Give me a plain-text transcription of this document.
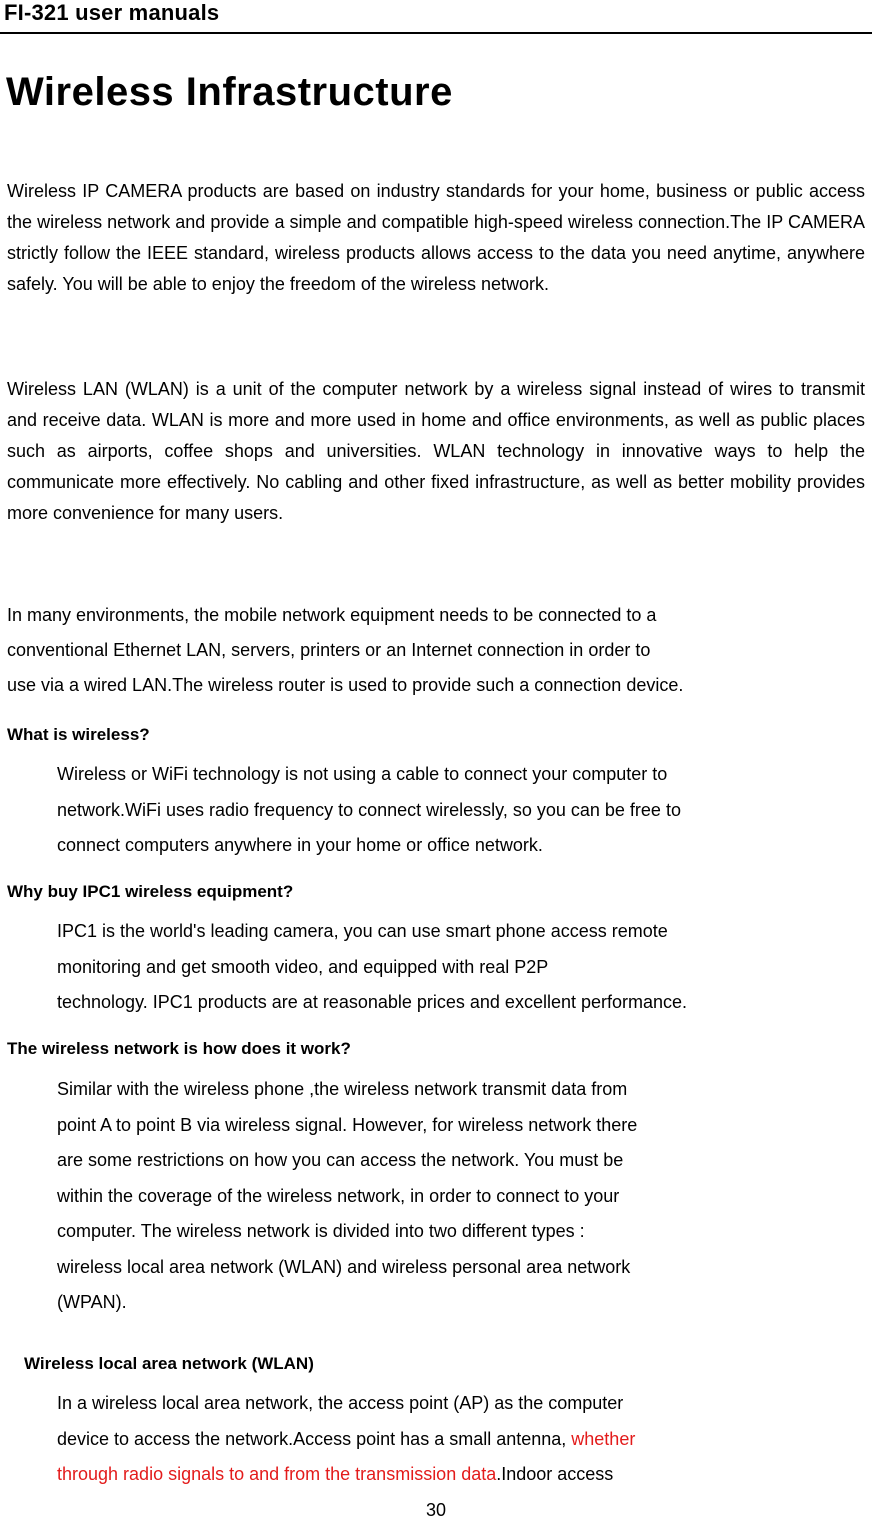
FI-321 user manuals
Wireless Infrastructure

Wireless IP CAMERA products are based on industry standards for your home, business or public access the wireless network and provide a simple and compatible high-speed wireless connection.The IP CAMERA strictly follow the IEEE standard, wireless products allows access to the data you need anytime, anywhere safely. You will be able to enjoy the freedom of the wireless network.

Wireless LAN (WLAN) is a unit of the computer network by a wireless signal instead of wires to transmit and receive data. WLAN is more and more used in home and office environments, as well as public places such as airports, coffee shops and universities. WLAN technology in innovative ways to help the communicate more effectively. No cabling and other fixed infrastructure, as well as better mobility provides more convenience for many users.

In many environments, the mobile network equipment needs to be connected to a

conventional Ethernet LAN, servers, printers or an Internet connection in order to

use via a wired LAN.The wireless router is used to provide such a connection device.

What is wireless?

Wireless or WiFi technology is not using a cable to connect your computer to
network.WiFi uses radio frequency to connect wirelessly, so you can be free to
connect computers anywhere in your home or office network.

Why buy IPC1 wireless equipment?

IPC1 is the world's leading camera, you can use smart phone access remote
monitoring and get smooth video, and equipped with real P2P
technology. IPC1 products are at reasonable prices and excellent performance.

The wireless network is how does it work?

Similar with the wireless phone ,the wireless network transmit data from
point A to point B via wireless signal. However, for wireless network there
are some restrictions on how you can access the network. You must be
within the coverage of the wireless network, in order to connect to your
computer. The wireless network is divided into two different types :
wireless local area network (WLAN) and wireless personal area network
(WPAN).

Wireless local area network (WLAN)

In a wireless local area network, the access point (AP) as the computer
device to access the network.Access point has a small antenna, whether
through radio signals to and from the transmission data.Indoor access
30
